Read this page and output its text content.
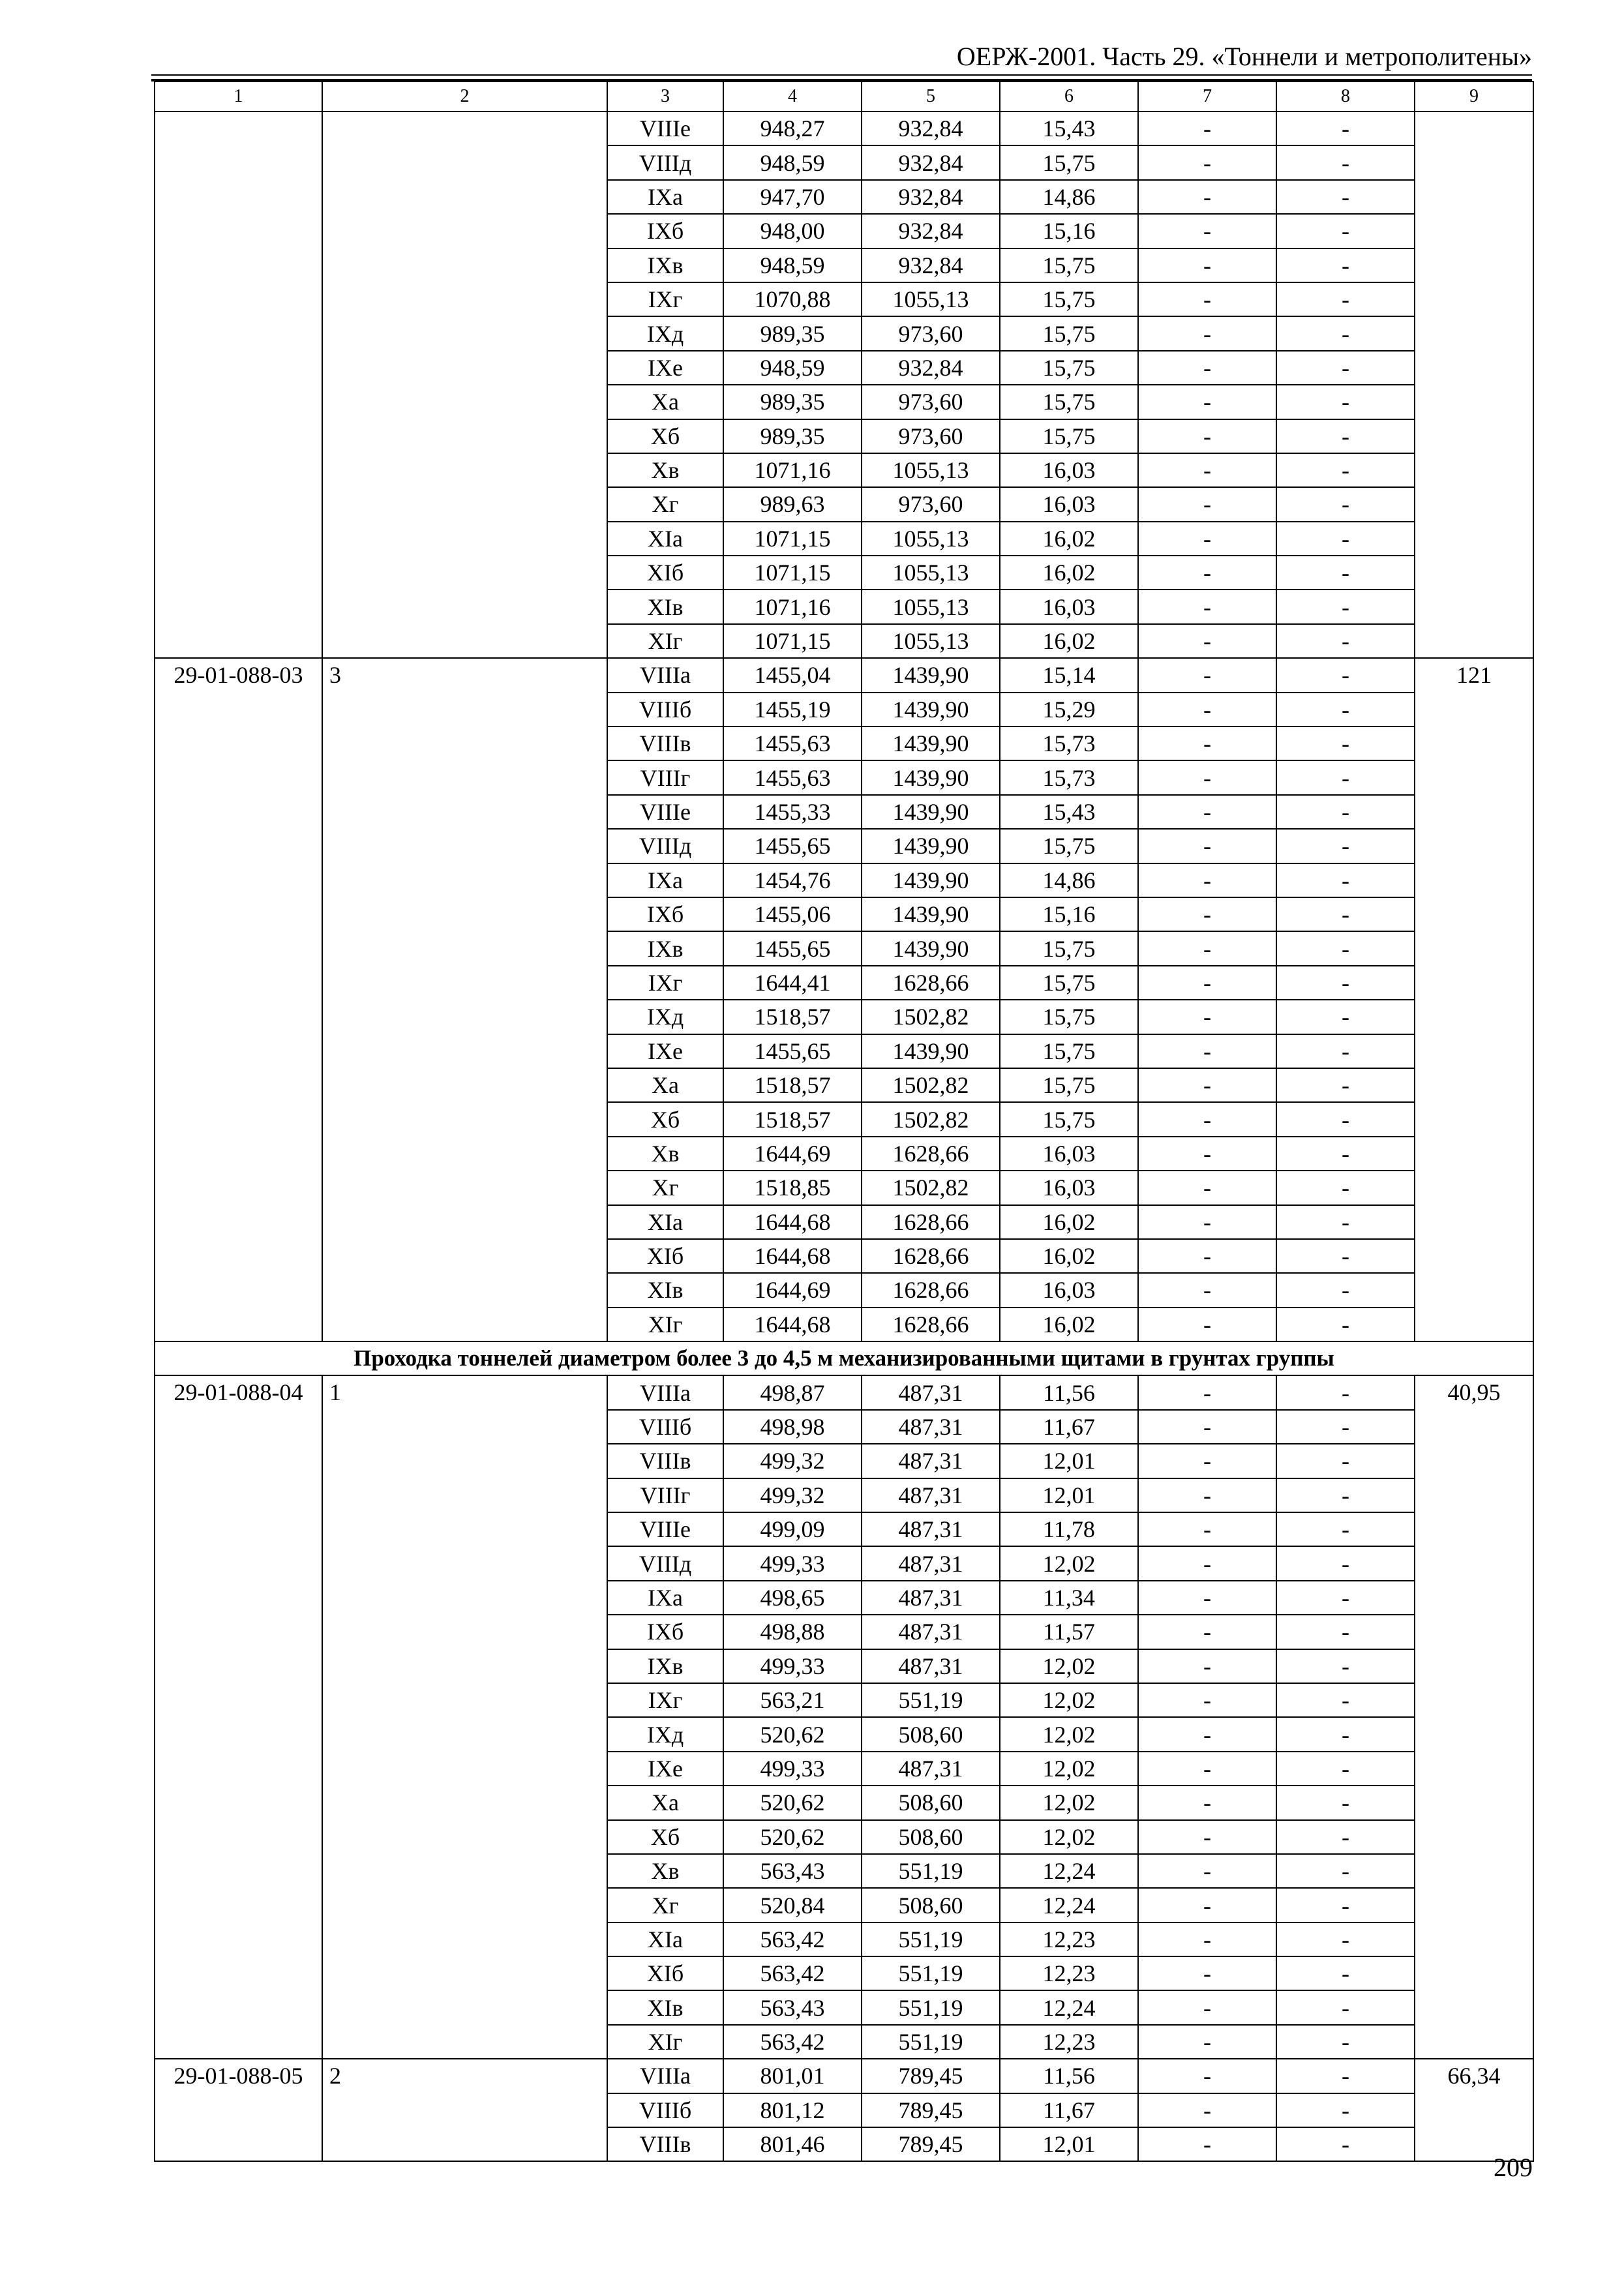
ОЕРЖ-2001. Часть 29. «Тоннели и метрополитены»
1	2	3	4	5	6	7	8	9
		VIIIе	948,27	932,84	15,43	-	-	
		VIIIд	948,59	932,84	15,75	-	-	
		IXа	947,70	932,84	14,86	-	-	
		IXб	948,00	932,84	15,16	-	-	
		IXв	948,59	932,84	15,75	-	-	
		IXг	1070,88	1055,13	15,75	-	-	
		IXд	989,35	973,60	15,75	-	-	
		IXе	948,59	932,84	15,75	-	-	
		Xа	989,35	973,60	15,75	-	-	
		Xб	989,35	973,60	15,75	-	-	
		Xв	1071,16	1055,13	16,03	-	-	
		Xг	989,63	973,60	16,03	-	-	
		XIа	1071,15	1055,13	16,02	-	-	
		XIб	1071,15	1055,13	16,02	-	-	
		XIв	1071,16	1055,13	16,03	-	-	
		XIг	1071,15	1055,13	16,02	-	-	
29-01-088-03	3	VIIIа	1455,04	1439,90	15,14	-	-	121
		VIIIб	1455,19	1439,90	15,29	-	-	
		VIIIв	1455,63	1439,90	15,73	-	-	
		VIIIг	1455,63	1439,90	15,73	-	-	
		VIIIе	1455,33	1439,90	15,43	-	-	
		VIIIд	1455,65	1439,90	15,75	-	-	
		IXа	1454,76	1439,90	14,86	-	-	
		IXб	1455,06	1439,90	15,16	-	-	
		IXв	1455,65	1439,90	15,75	-	-	
		IXг	1644,41	1628,66	15,75	-	-	
		IXд	1518,57	1502,82	15,75	-	-	
		IXе	1455,65	1439,90	15,75	-	-	
		Xа	1518,57	1502,82	15,75	-	-	
		Xб	1518,57	1502,82	15,75	-	-	
		Xв	1644,69	1628,66	16,03	-	-	
		Xг	1518,85	1502,82	16,03	-	-	
		XIа	1644,68	1628,66	16,02	-	-	
		XIб	1644,68	1628,66	16,02	-	-	
		XIв	1644,69	1628,66	16,03	-	-	
		XIг	1644,68	1628,66	16,02	-	-	
Проходка тоннелей диаметром более 3 до 4,5 м механизированными щитами в грунтах группы								
29-01-088-04	1	VIIIа	498,87	487,31	11,56	-	-	40,95
		VIIIб	498,98	487,31	11,67	-	-	
		VIIIв	499,32	487,31	12,01	-	-	
		VIIIг	499,32	487,31	12,01	-	-	
		VIIIе	499,09	487,31	11,78	-	-	
		VIIIд	499,33	487,31	12,02	-	-	
		IXа	498,65	487,31	11,34	-	-	
		IXб	498,88	487,31	11,57	-	-	
		IXв	499,33	487,31	12,02	-	-	
		IXг	563,21	551,19	12,02	-	-	
		IXд	520,62	508,60	12,02	-	-	
		IXе	499,33	487,31	12,02	-	-	
		Xа	520,62	508,60	12,02	-	-	
		Xб	520,62	508,60	12,02	-	-	
		Xв	563,43	551,19	12,24	-	-	
		Xг	520,84	508,60	12,24	-	-	
		XIа	563,42	551,19	12,23	-	-	
		XIб	563,42	551,19	12,23	-	-	
		XIв	563,43	551,19	12,24	-	-	
		XIг	563,42	551,19	12,23	-	-	
29-01-088-05	2	VIIIа	801,01	789,45	11,56	-	-	66,34
		VIIIб	801,12	789,45	11,67	-	-	
		VIIIв	801,46	789,45	12,01	-	-	
209
